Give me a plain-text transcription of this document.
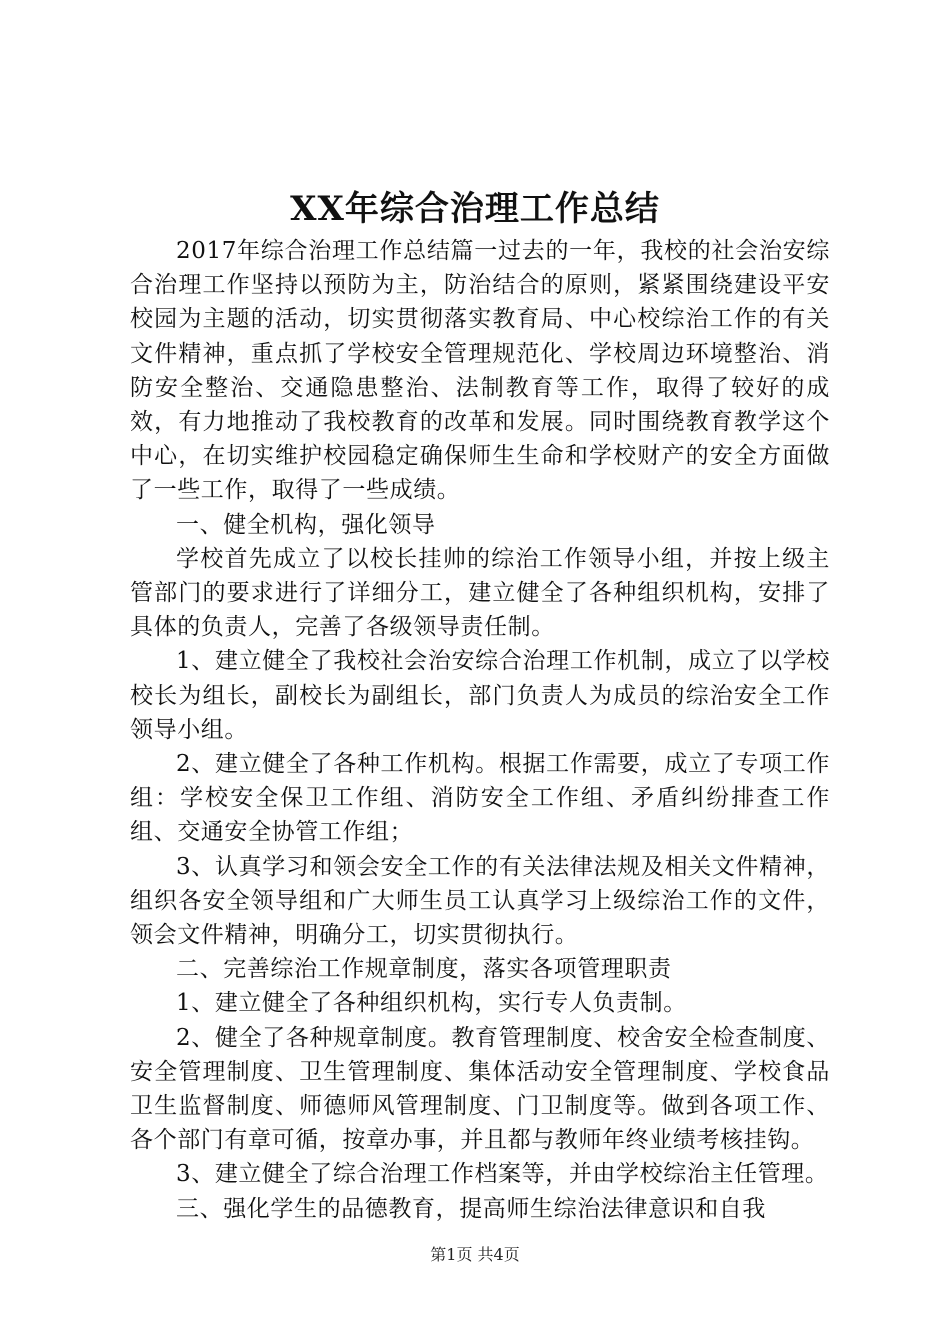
XX年综合治理工作总结

2017年综合治理工作总结篇一过去的一年，我校的社会治安综合治理工作坚持以预防为主，防治结合的原则，紧紧围绕建设平安校园为主题的活动，切实贯彻落实教育局、中心校综治工作的有关文件精神，重点抓了学校安全管理规范化、学校周边环境整治、消防安全整治、交通隐患整治、法制教育等工作，取得了较好的成效，有力地推动了我校教育的改革和发展。同时围绕教育教学这个中心，在切实维护校园稳定确保师生生命和学校财产的安全方面做了一些工作，取得了一些成绩。

一、健全机构，强化领导

学校首先成立了以校长挂帅的综治工作领导小组，并按上级主管部门的要求进行了详细分工，建立健全了各种组织机构，安排了具体的负责人，完善了各级领导责任制。

1、建立健全了我校社会治安综合治理工作机制，成立了以学校校长为组长，副校长为副组长，部门负责人为成员的综治安全工作领导小组。

2、建立健全了各种工作机构。根据工作需要，成立了专项工作组：学校安全保卫工作组、消防安全工作组、矛盾纠纷排查工作组、交通安全协管工作组；

3、认真学习和领会安全工作的有关法律法规及相关文件精神，组织各安全领导组和广大师生员工认真学习上级综治工作的文件，领会文件精神，明确分工，切实贯彻执行。

二、完善综治工作规章制度，落实各项管理职责

1、建立健全了各种组织机构，实行专人负责制。

2、健全了各种规章制度。教育管理制度、校舍安全检查制度、安全管理制度、卫生管理制度、集体活动安全管理制度、学校食品卫生监督制度、师德师风管理制度、门卫制度等。做到各项工作、各个部门有章可循，按章办事，并且都与教师年终业绩考核挂钩。

3、建立健全了综合治理工作档案等，并由学校综治主任管理。

三、强化学生的品德教育，提高师生综治法律意识和自我

第1页 共4页
